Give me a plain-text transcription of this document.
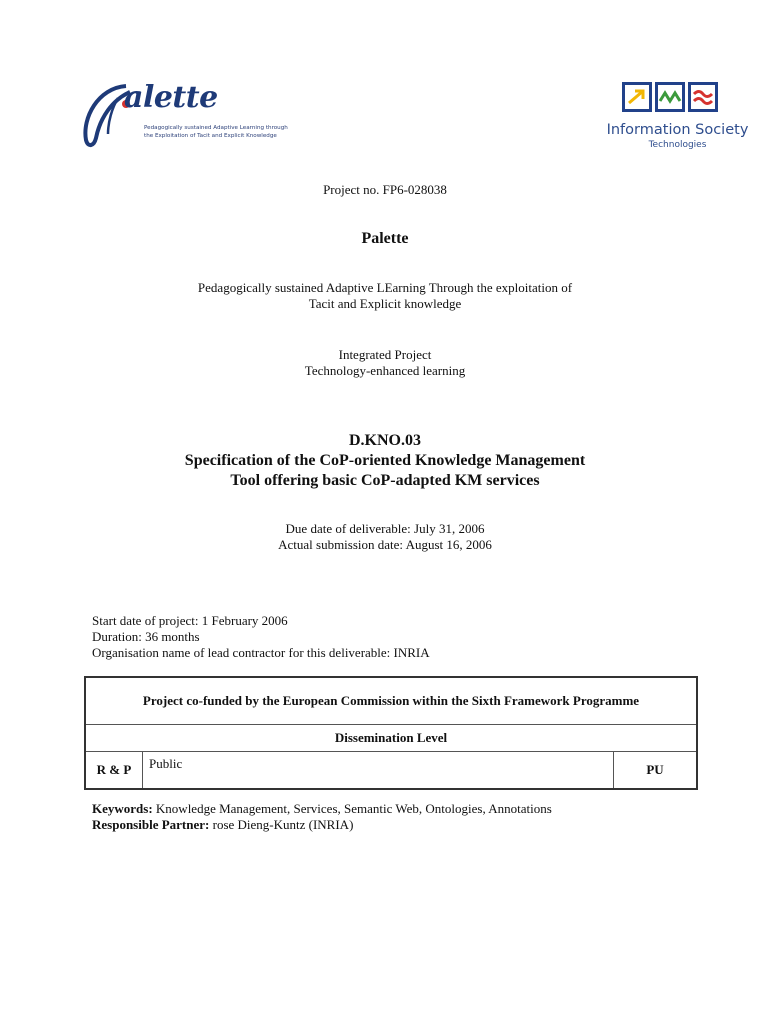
alette
Pedagogically sustained Adaptive Learning through
the Exploitation of Tacit and Explicit Knowledge	Information Society
Technologies
Project no. FP6-028038
Palette
Pedagogically sustained Adaptive LEarning Through the exploitation of
Tacit and Explicit knowledge
Integrated Project
Technology-enhanced learning
D.KNO.03
Specification of the CoP-oriented Knowledge Management
Tool offering basic CoP-adapted KM services
Due date of deliverable: July 31, 2006
Actual submission date: August 16, 2006
Start date of project: 1 February 2006
Duration: 36 months
Organisation name of lead contractor for this deliverable: INRIA
Project co-funded by the European Commission within the Sixth Framework Programme
Dissemination Level
R & P	Public	PU
Keywords: Knowledge Management, Services, Semantic Web, Ontologies, Annotations
Responsible Partner: rose Dieng-Kuntz (INRIA)
